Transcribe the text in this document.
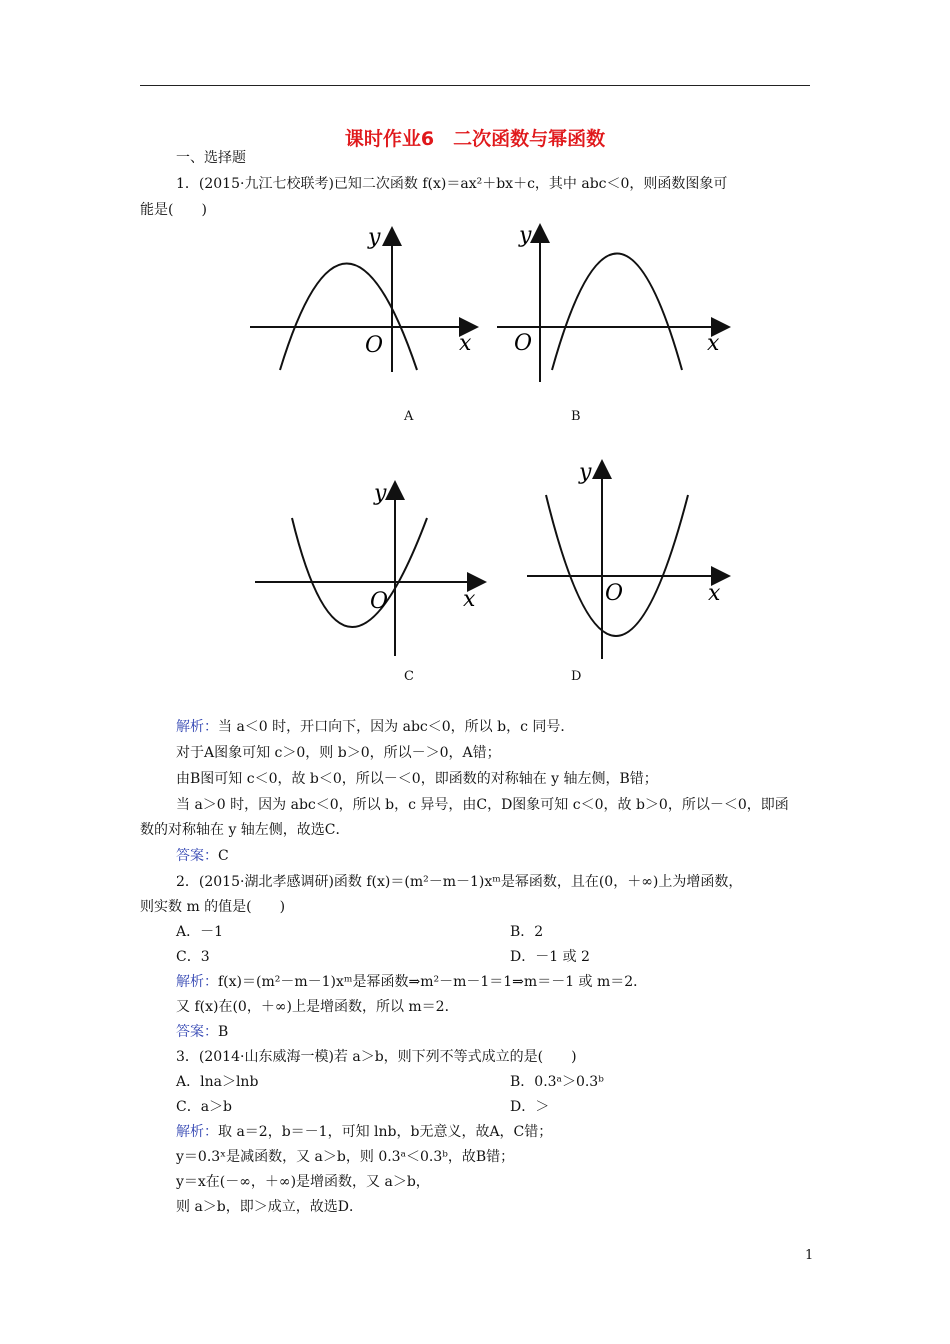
课时作业6　二次函数与幂函数
一、选择题
1．(2015·九江七校联考)已知二次函数 f(x)＝ax²＋bx＋c，其中 abc＜0，则函数图象可
能是(　　)
y
O	x
A
y
O	x
B
y
O	x
C
y
O	x
D
解析：当 a＜0 时，开口向下，因为 abc＜0，所以 b，c 同号．
对于A图象可知 c＞0，则 b＞0，所以－＞0，A错；
由B图可知 c＜0，故 b＜0，所以－＜0，即函数的对称轴在 y 轴左侧，B错；
当 a＞0 时，因为 abc＜0，所以 b，c 异号，由C，D图象可知 c＜0，故 b＞0，所以－＜0，即函
数的对称轴在 y 轴左侧，故选C．
答案：C
2．(2015·湖北孝感调研)函数 f(x)＝(m²－m－1)xᵐ是幂函数，且在(0，＋∞)上为增函数，
则实数 m 的值是(　　)
A．－1	B．2
C．3	D．－1 或 2
解析：f(x)＝(m²－m－1)xᵐ是幂函数⇒m²－m－1＝1⇒m＝－1 或 m＝2．
又 f(x)在(0，＋∞)上是增函数，所以 m＝2．
答案：B
3．(2014·山东威海一模)若 a＞b，则下列不等式成立的是(　　)
A．lna＞lnb	B．0.3ᵃ＞0.3ᵇ
C．a＞b	D．＞
解析：取 a＝2，b＝－1，可知 lnb，b无意义，故A，C错；
y＝0.3ˣ是减函数，又 a＞b，则 0.3ᵃ＜0.3ᵇ，故B错；
y＝x在(－∞，＋∞)是增函数，又 a＞b，
则 a＞b，即＞成立，故选D．
1
